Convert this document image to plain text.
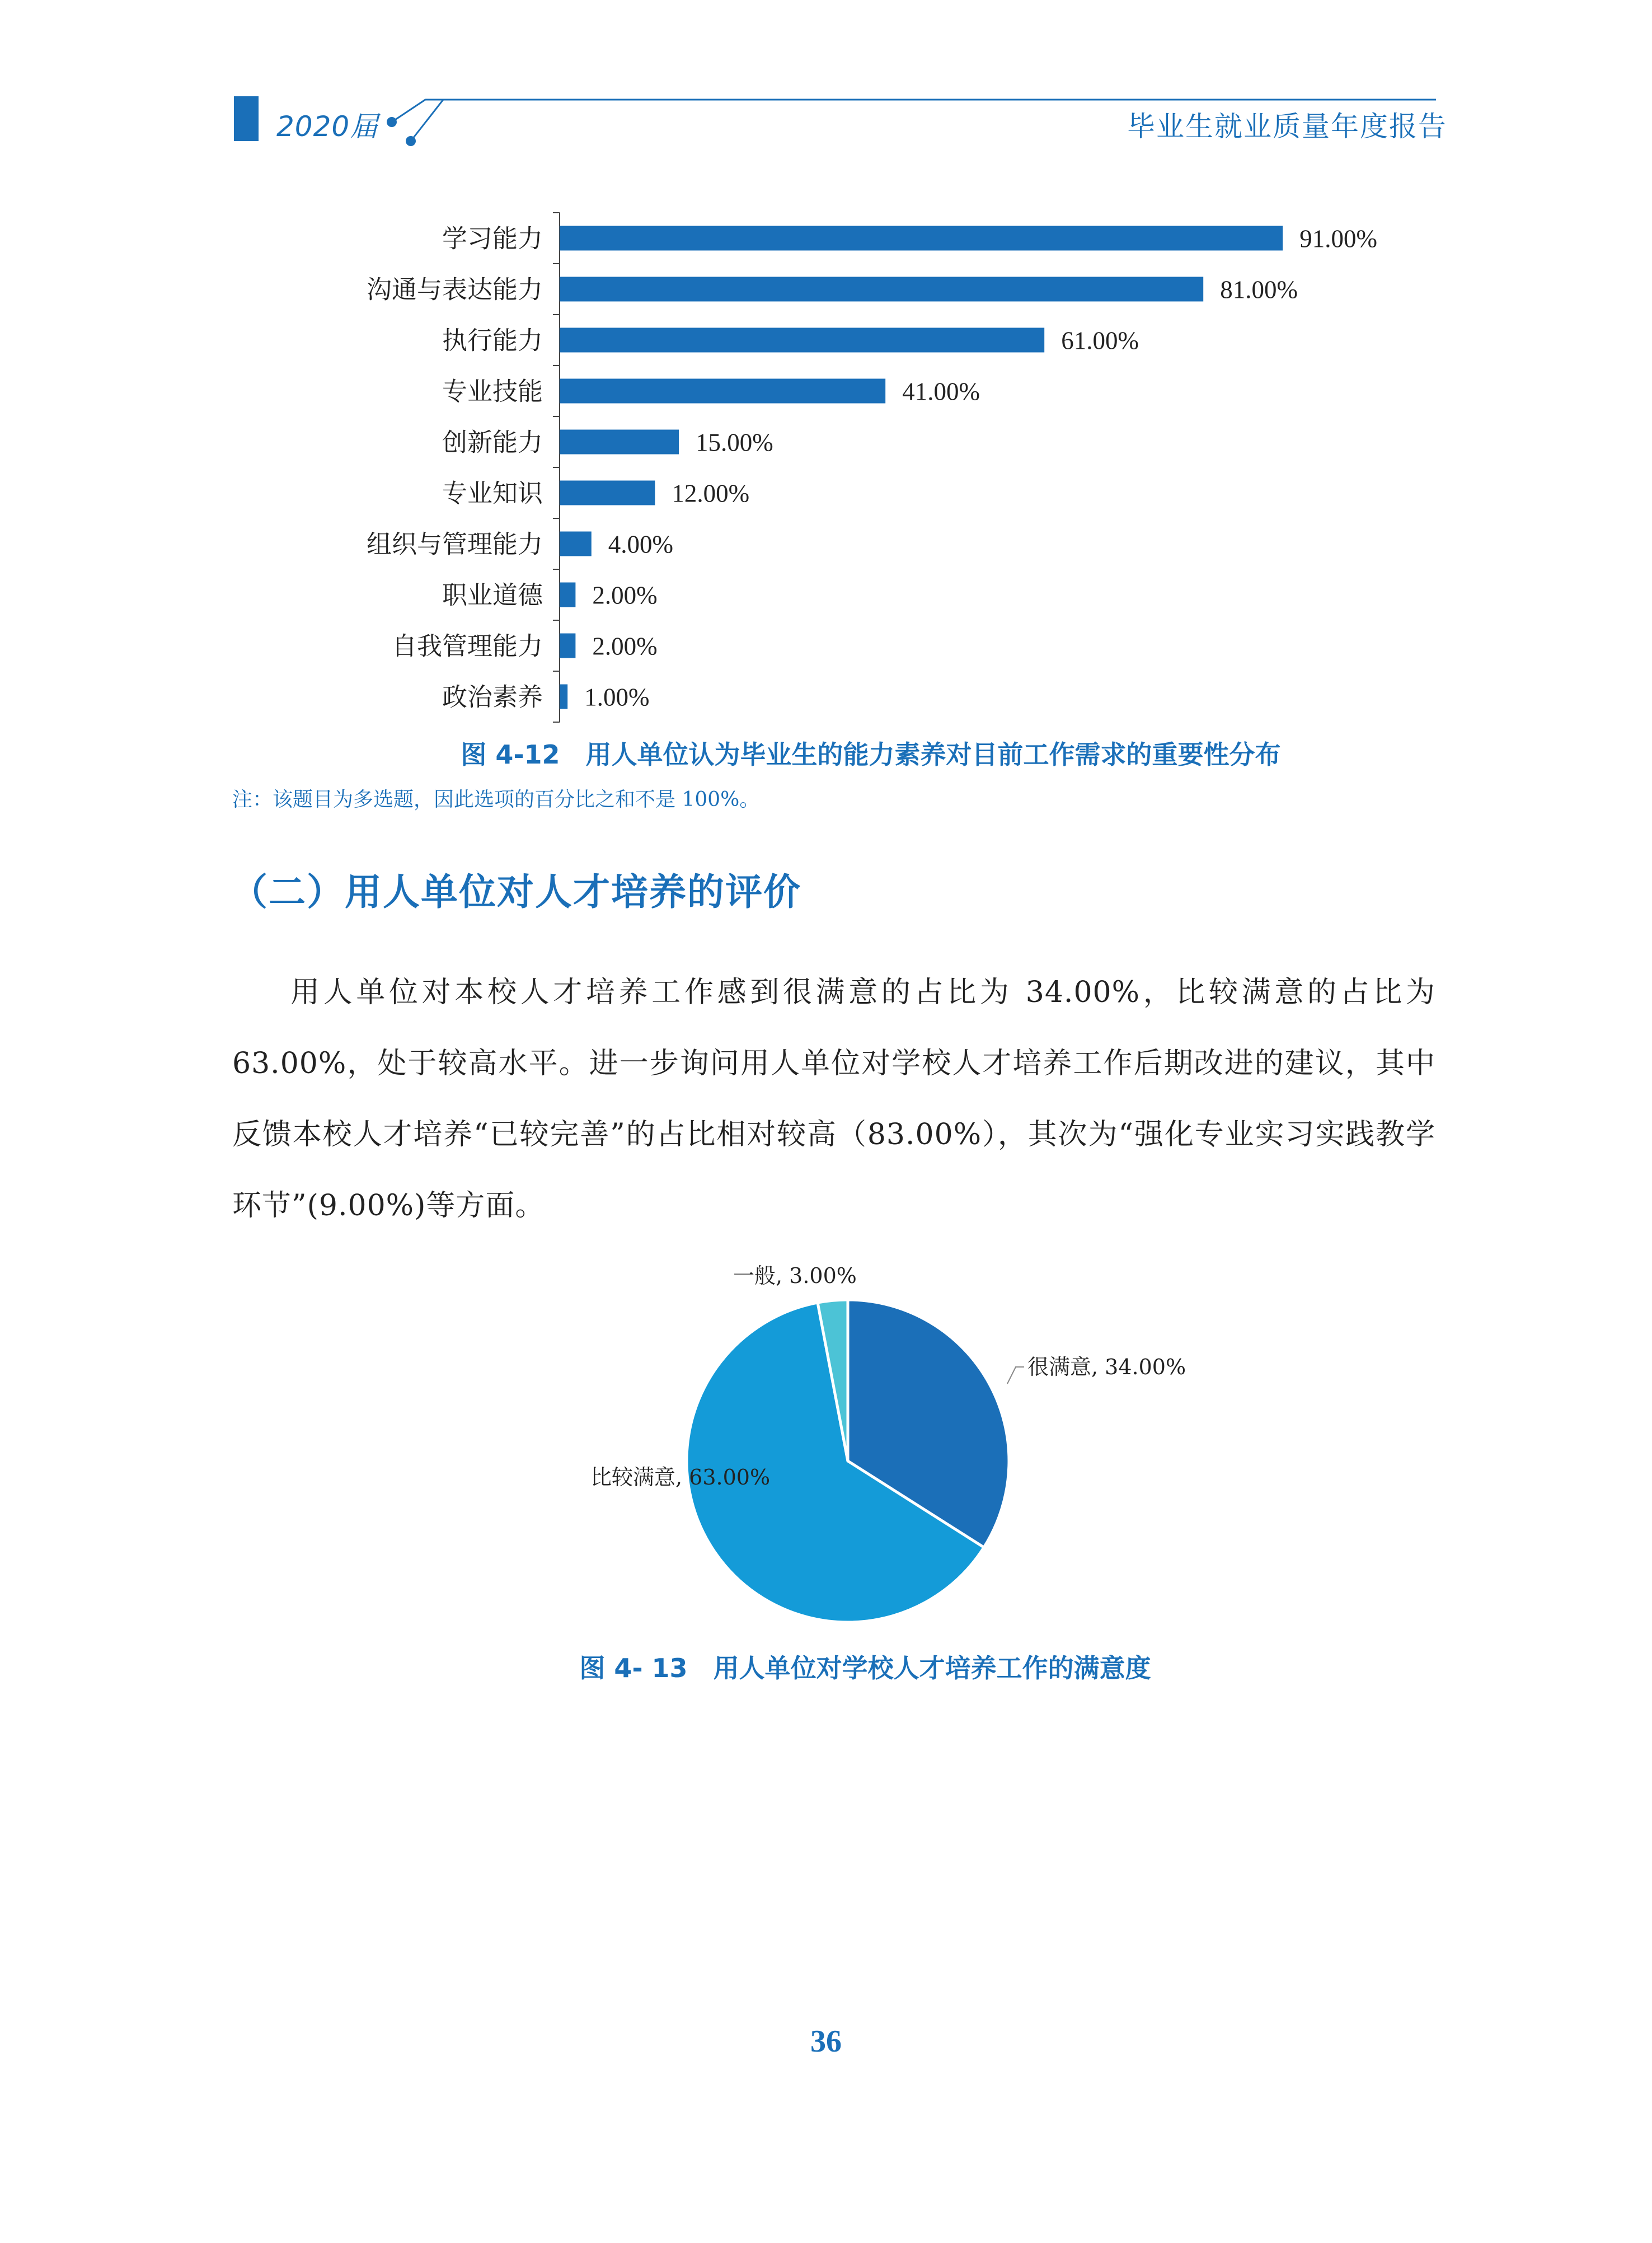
2020届	毕业生就业质量年度报告
学习能力	91.00%
沟通与表达能力	81.00%
执行能力	61.00%
专业技能	41.00%
创新能力	15.00%
专业知识	12.00%
组织与管理能力	4.00%
职业道德 2.00%
自我管理能力 2.00%
政治素养 1.00%
图 4-12　用人单位认为毕业生的能力素养对目前工作需求的重要性分布
注：该题目为多选题，因此选项的百分比之和不是 100%。
（二）用人单位对人才培养的评价
用人单位对本校人才培养工作感到很满意的占比为 34.00%，比较满意的占比为 63.00%，处于较高水平。进一步询问用人单位对学校人才培养工作后期改进的建议，其中反馈本校人才培养“已较完善”的占比相对较高（83.00%），其次为“强化专业实习实践教学环节”(9.00%)等方面。
很满意, 34.00%
比较满意, 63.00%
一般, 3.00%
图 4- 13　用人单位对学校人才培养工作的满意度
36
